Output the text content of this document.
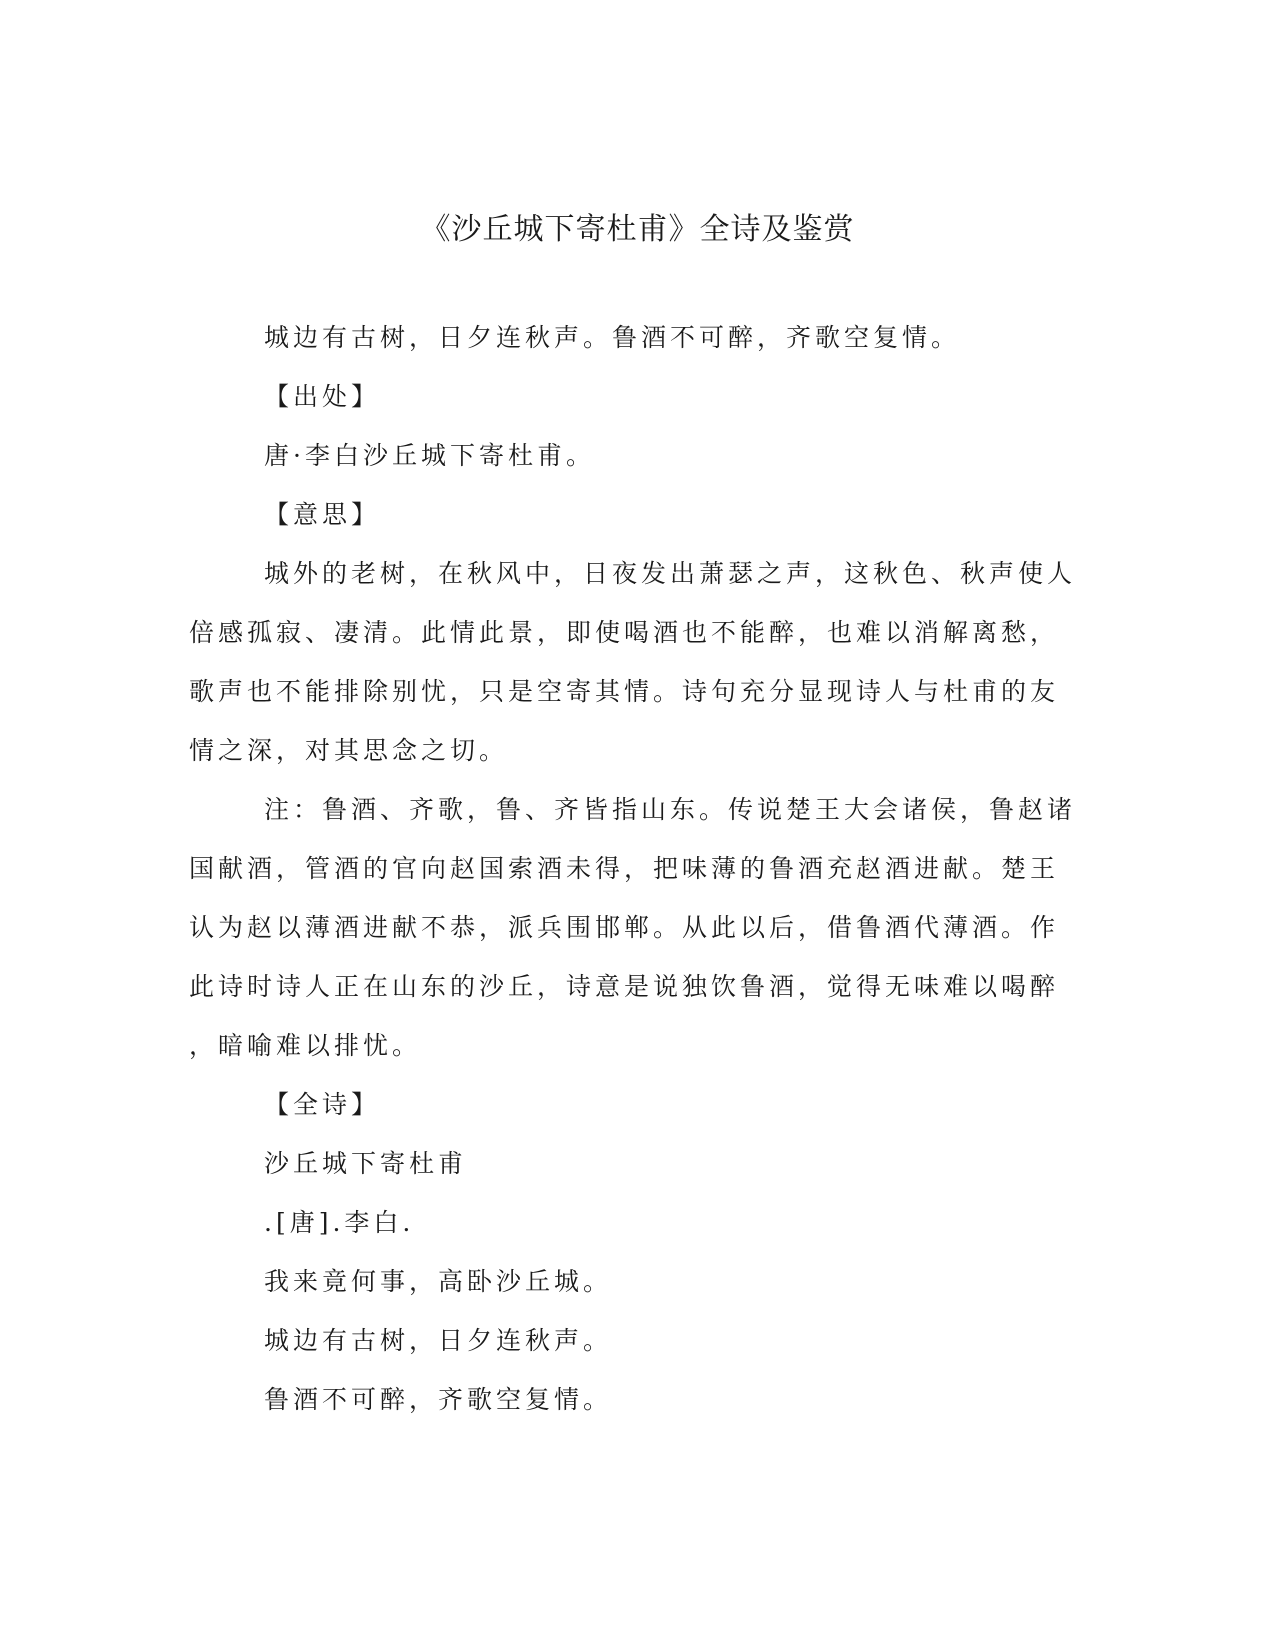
《沙丘城下寄杜甫》全诗及鉴赏

城边有古树，日夕连秋声。鲁酒不可醉，齐歌空复情。

【出处】

唐·李白沙丘城下寄杜甫。

【意思】

城外的老树，在秋风中，日夜发出萧瑟之声，这秋色、秋声使人

倍感孤寂、凄清。此情此景，即使喝酒也不能醉，也难以消解离愁，

歌声也不能排除别忧，只是空寄其情。诗句充分显现诗人与杜甫的友

情之深，对其思念之切。

注：鲁酒、齐歌，鲁、齐皆指山东。传说楚王大会诸侯，鲁赵诸

国献酒，管酒的官向赵国索酒未得，把味薄的鲁酒充赵酒进献。楚王

认为赵以薄酒进献不恭，派兵围邯郸。从此以后，借鲁酒代薄酒。作

此诗时诗人正在山东的沙丘，诗意是说独饮鲁酒，觉得无味难以喝醉

，暗喻难以排忧。

【全诗】

沙丘城下寄杜甫

.[唐].李白.

我来竟何事，高卧沙丘城。

城边有古树，日夕连秋声。

鲁酒不可醉，齐歌空复情。
